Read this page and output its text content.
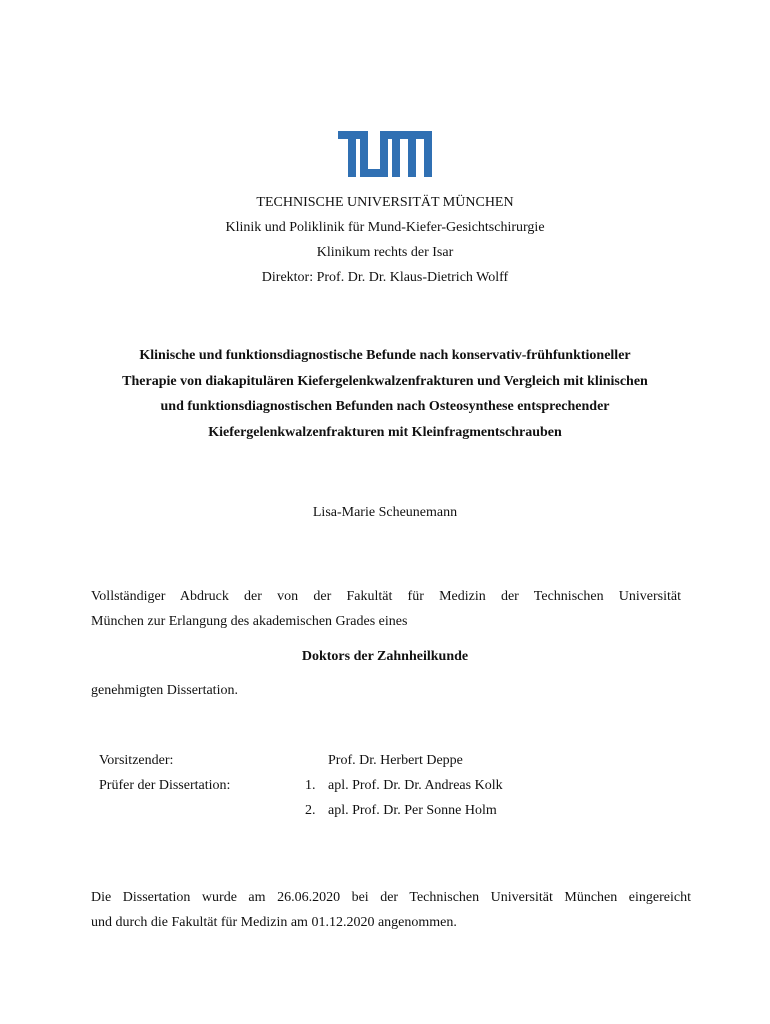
TECHNISCHE UNIVERSITÄT MÜNCHEN
Klinik und Poliklinik für Mund-Kiefer-Gesichtschirurgie
Klinikum rechts der Isar
Direktor: Prof. Dr. Dr. Klaus-Dietrich Wolff
Klinische und funktionsdiagnostische Befunde nach konservativ-frühfunktioneller
Therapie von diakapitulären Kiefergelenkwalzenfrakturen und Vergleich mit klinischen
und funktionsdiagnostischen Befunden nach Osteosynthese entsprechender
Kiefergelenkwalzenfrakturen mit Kleinfragmentschrauben
Lisa-Marie Scheunemann
Vollständiger Abdruck der von der Fakultät für Medizin der Technischen Universität
München zur Erlangung des akademischen Grades eines
Doktors der Zahnheilkunde
genehmigten Dissertation.
Vorsitzender:	Prof. Dr. Herbert Deppe
Prüfer der Dissertation:	1. apl. Prof. Dr. Dr. Andreas Kolk
2. apl. Prof. Dr. Per Sonne Holm
Die Dissertation wurde am 26.06.2020 bei der Technischen Universität München eingereicht
und durch die Fakultät für Medizin am 01.12.2020 angenommen.
